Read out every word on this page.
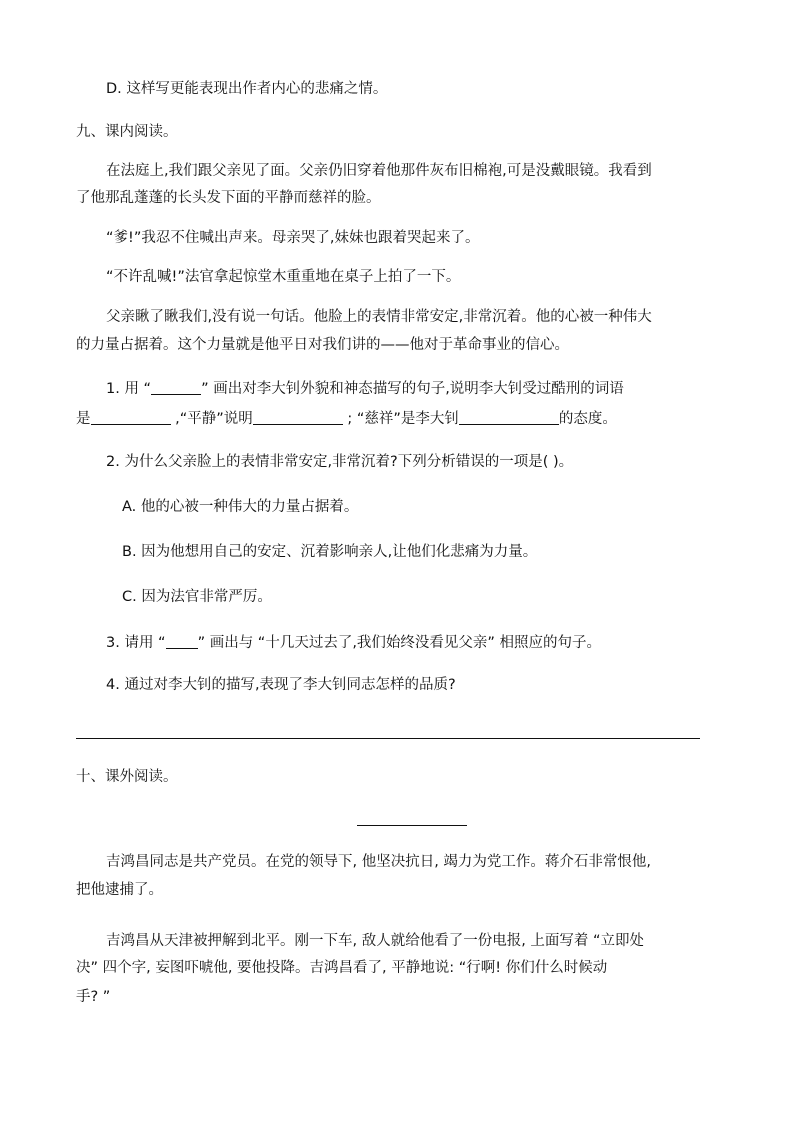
D. 这样写更能表现出作者内心的悲痛之情。
九、课内阅读。
在法庭上,我们跟父亲见了面。父亲仍旧穿着他那件灰布旧棉袍,可是没戴眼镜。我看到
了他那乱蓬蓬的长头发下面的平静而慈祥的脸。
“爹!”我忍不住喊出声来。母亲哭了,妹妹也跟着哭起来了。
“不许乱喊!”法官拿起惊堂木重重地在桌子上拍了一下。
父亲瞅了瞅我们,没有说一句话。他脸上的表情非常安定,非常沉着。他的心被一种伟大
的力量占据着。这个力量就是他平日对我们讲的——他对于革命事业的信心。
1. 用 “	” 画出对李大钊外貌和神态描写的句子,说明李大钊受过酷刑的词语
是	,“平静”说明	; “慈祥”是李大钊	的态度。
2. 为什么父亲脸上的表情非常安定,非常沉着?下列分析错误的一项是( )。
A. 他的心被一种伟大的力量占据着。
B. 因为他想用自己的安定、沉着影响亲人,让他们化悲痛为力量。
C. 因为法官非常严厉。
3. 请用 “ ” 画出与 “十几天过去了,我们始终没看见父亲” 相照应的句子。
4. 通过对李大钊的描写,表现了李大钊同志怎样的品质?
十、课外阅读。
吉鸿昌同志是共产党员。在党的领导下, 他坚决抗日, 竭力为党工作。蒋介石非常恨他,
把他逮捕了。
吉鸿昌从天津被押解到北平。刚一下车, 敌人就给他看了一份电报, 上面写着 “立即处
决” 四个字, 妄图吓唬他, 要他投降。吉鸿昌看了, 平静地说: “行啊! 你们什么时候动
手? ”
